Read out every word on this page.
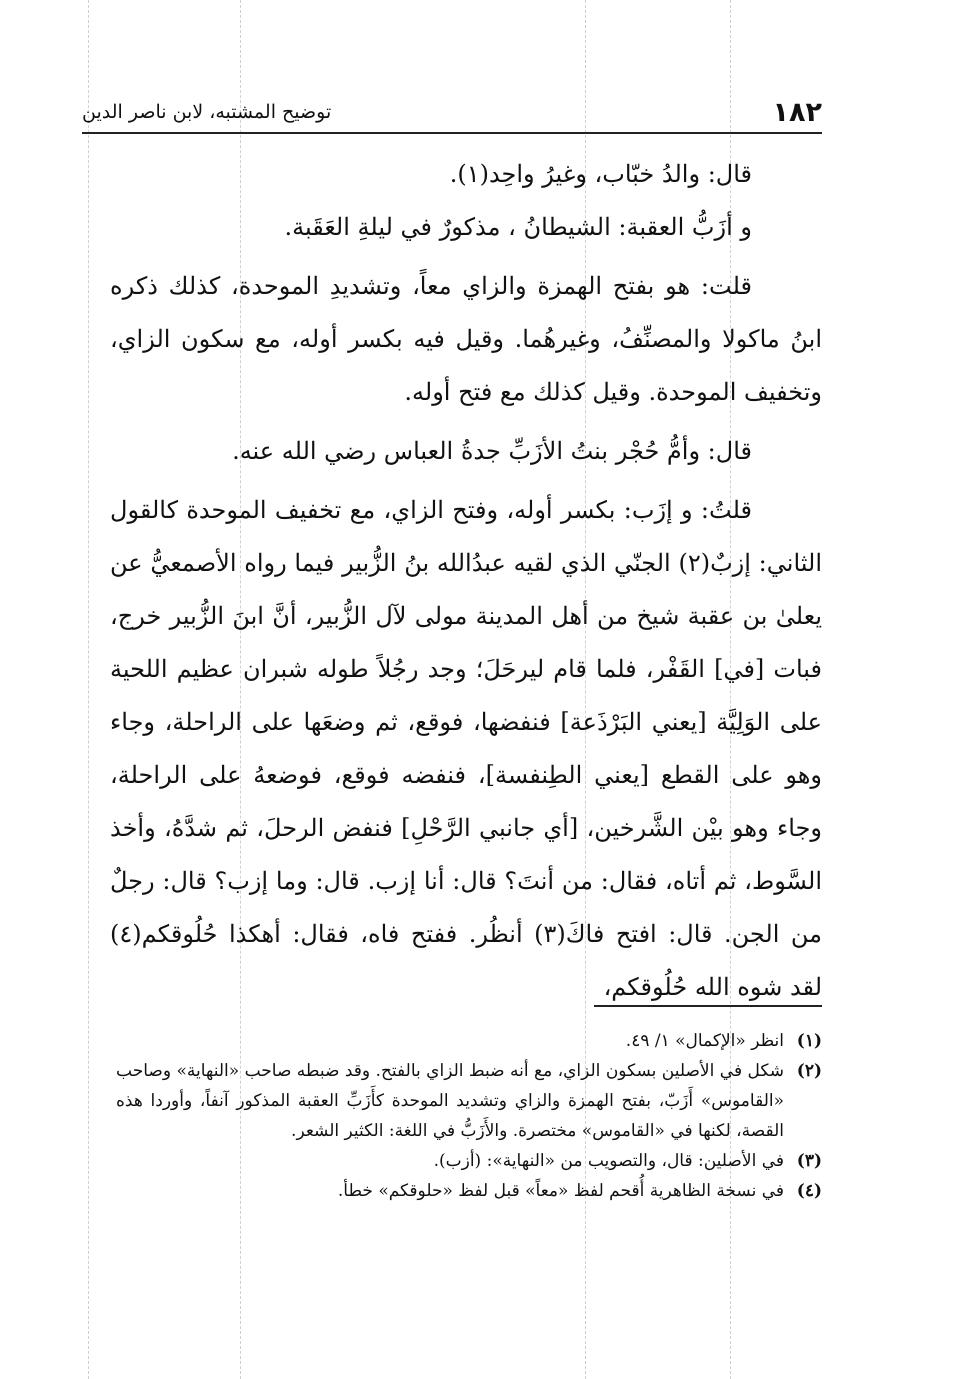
١٨٢
توضيح المشتبه، لابن ناصر الدين

قال: والدُ خبّاب، وغيرُ واحِد(١).

و أزَبُّ العقبة: الشيطانُ ، مذكورٌ في ليلةِ العَقَبة.

قلت: هو بفتح الهمزة والزاي معاً، وتشديدِ الموحدة، كذلك ذكره ابنُ ماكولا والمصنِّفُ، وغيرهُما. وقيل فيه بكسر أوله، مع سكون الزاي، وتخفيف الموحدة. وقيل كذلك مع فتح أوله.

قال: وأمُّ حُجْر بنتُ الأزَبِّ جدةُ العباس رضي الله عنه.

قلتُ: و إزَب: بكسر أوله، وفتح الزاي، مع تخفيف الموحدة كالقول الثاني: إزبٌ(٢) الجنّي الذي لقيه عبدُالله بنُ الزُّبير فيما رواه الأصمعيُّ عن يعلىٰ بن عقبة شيخ من أهل المدينة مولى لآل الزُّبير، أنَّ ابنَ الزُّبير خرج، فبات [في] القَفْر، فلما قام ليرحَلَ؛ وجد رجُلاً طوله شبران عظيم اللحية على الوَلِيَّة [يعني البَرْذَعة] فنفضها، فوقع، ثم وضعَها على الراحلة، وجاء وهو على القطع [يعني الطِنفسة]، فنفضه فوقع، فوضعهُ على الراحلة، وجاء وهو بيْن الشَّرخين، [أي جانبي الرَّحْلِ] فنفض الرحلَ، ثم شدَّهُ، وأخذ السَّوط، ثم أتاه، فقال: من أنتَ؟ قال: أنا إزب. قال: وما إزب؟ قال: رجلٌ من الجن. قال: افتح فاكَ(٣) أنظُر. ففتح فاه، فقال: أهكذا حُلُوقكم(٤) لقد شوه الله حُلُوقكم،

(١)
انظر «الإكمال» ١/ ٤٩.
(٢)
شكل في الأصلين بسكون الزاي، مع أنه ضبط الزاي بالفتح. وقد ضبطه صاحب «النهاية» وصاحب «القاموس» أَزَبّ، بفتح الهمزة والزاي وتشديد الموحدة كأَزَبِّ العقبة المذكور آنفاً، وأوردا هذه القصة، لكنها في «القاموس» مختصرة. والأَزَبُّ في اللغة: الكثير الشعر.
(٣)
في الأصلين: قال، والتصويب من «النهاية»: (أزب).
(٤)
في نسخة الظاهرية أُقحم لفظ «معاً» قبل لفظ «حلوقكم» خطأ.
